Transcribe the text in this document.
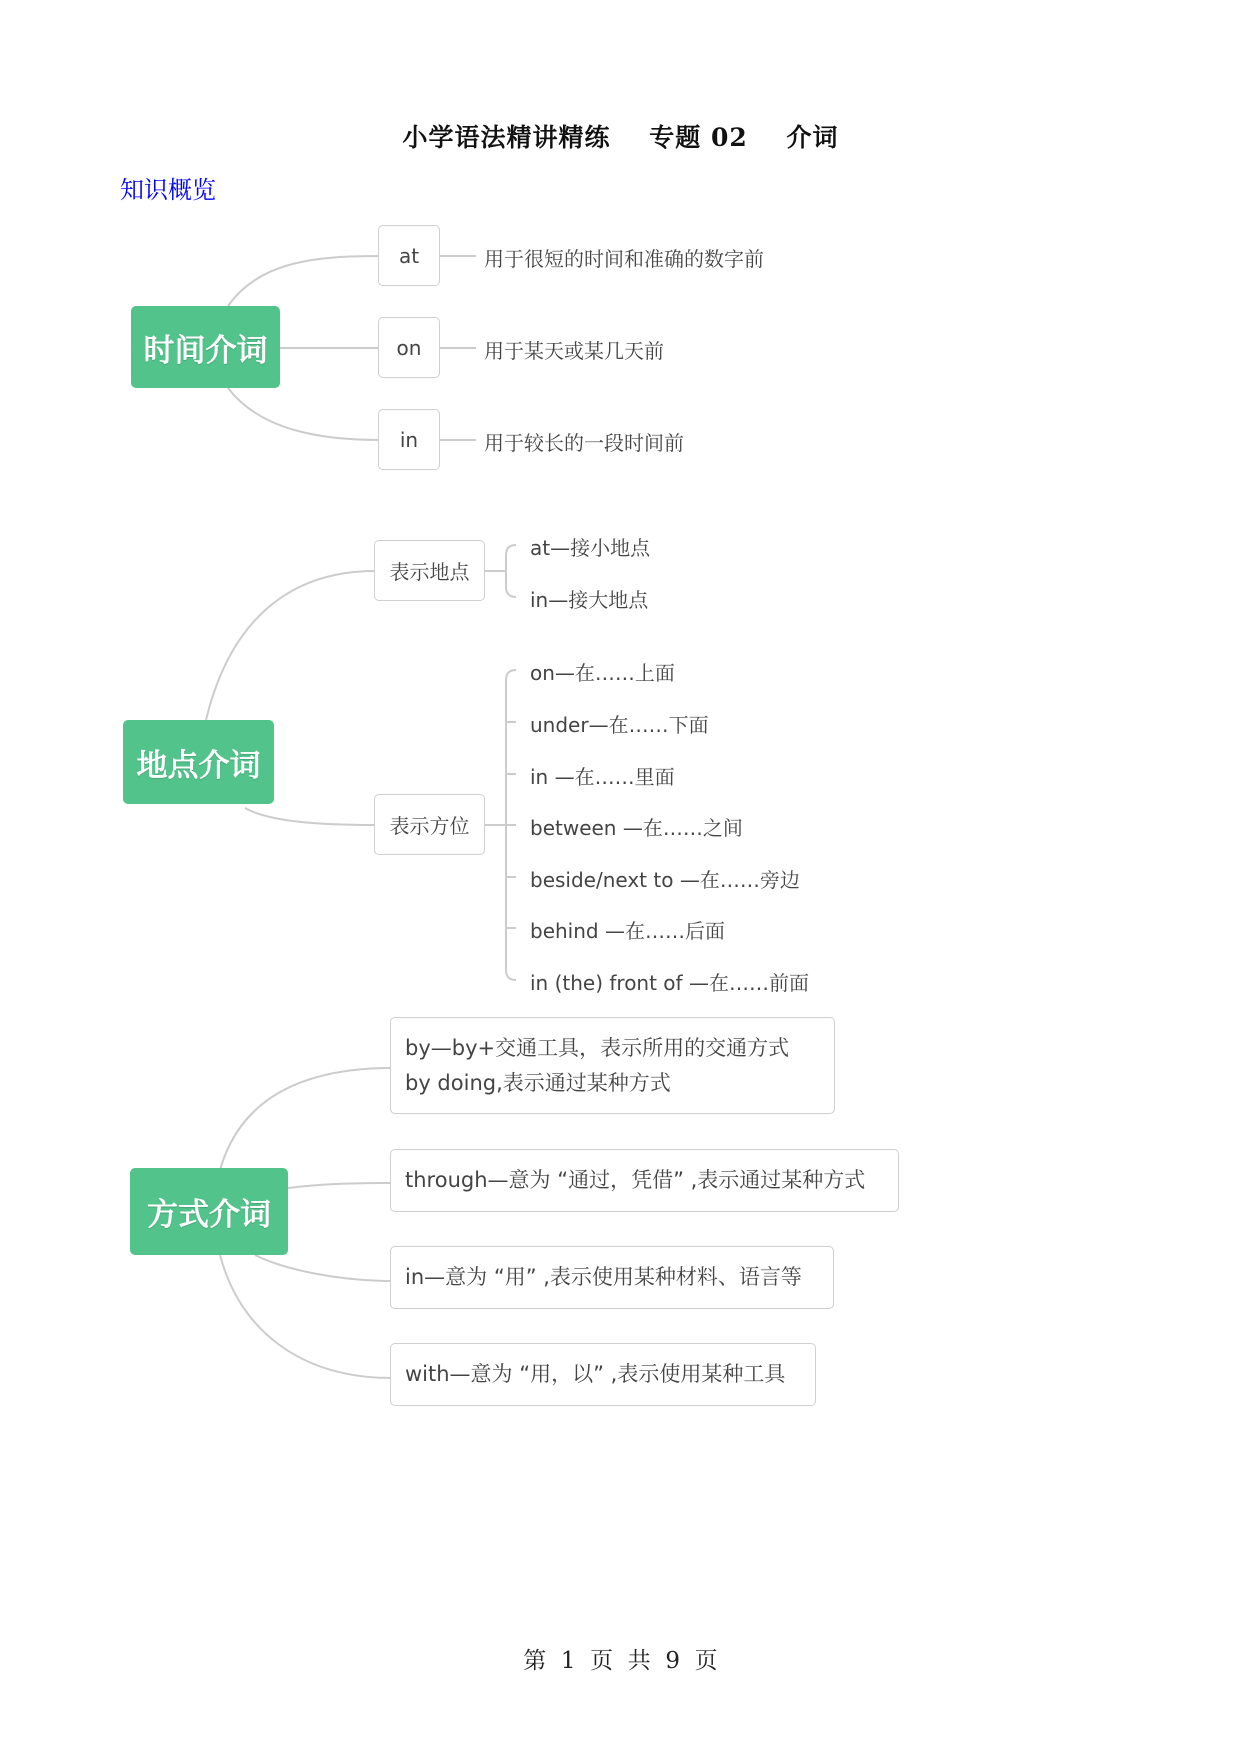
小学语法精讲精练    专题 02    介词
知识概览
时间介词
at	用于很短的时间和准确的数字前
on	用于某天或某几天前
in	用于较长的一段时间前
地点介词
表示地点
at—接小地点
in—接大地点
表示方位
on—在……上面
under—在……下面
in —在……里面
between —在……之间
beside/next to —在……旁边
behind —在……后面
in (the) front of —在……前面
方式介词
by—by+交通工具，表示所用的交通方式
by doing,表示通过某种方式
through—意为 “通过，凭借” ,表示通过某种方式
in—意为 “用” ,表示使用某种材料、语言等
with—意为 “用，以” ,表示使用某种工具
第  1  页  共  9  页
